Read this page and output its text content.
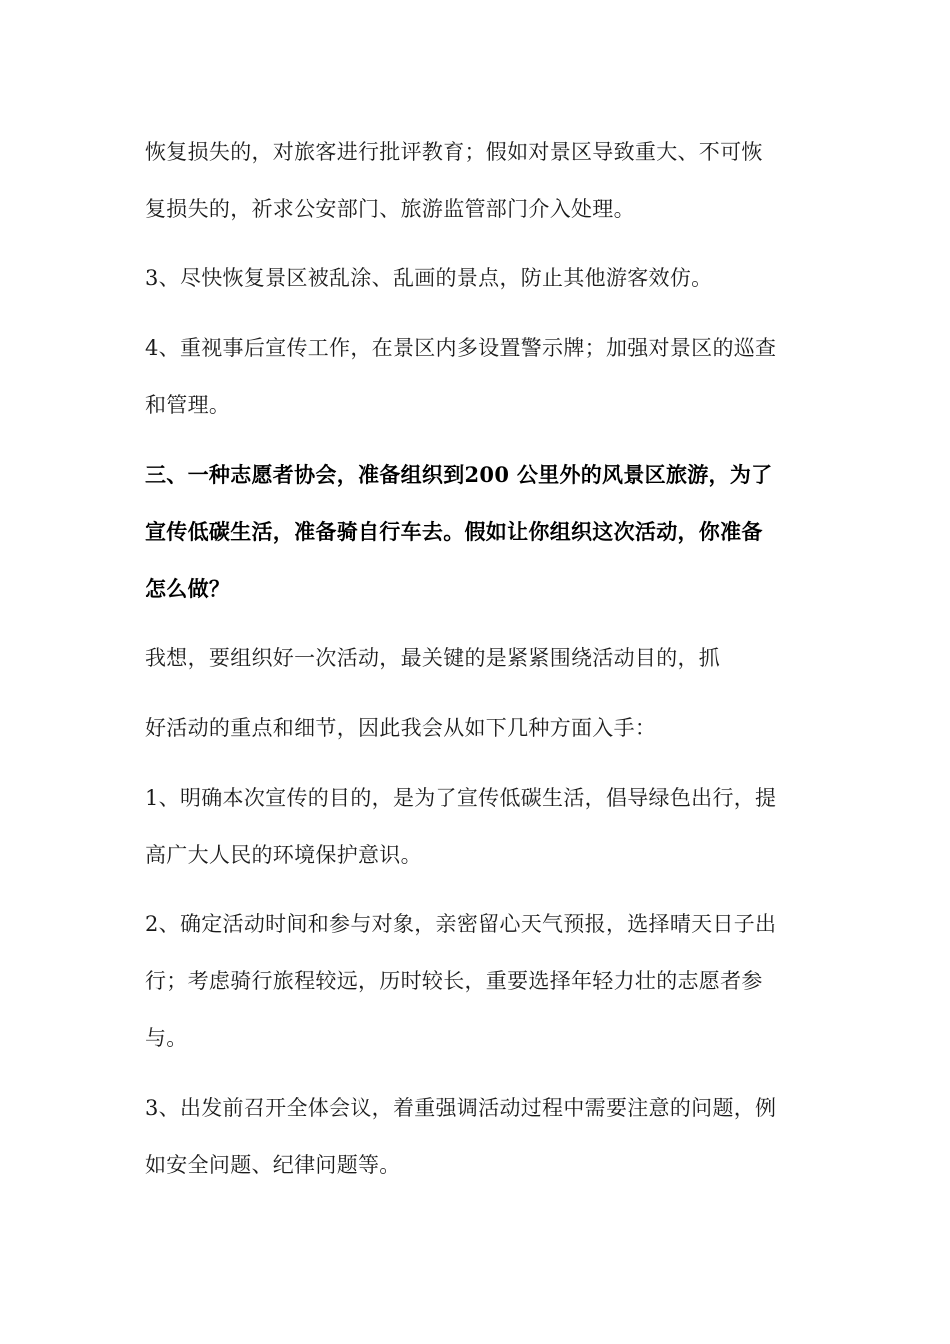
恢复损失的，对旅客进行批评教育；假如对景区导致重大、不可恢
复损失的，祈求公安部门、旅游监管部门介入处理。
3、尽快恢复景区被乱涂、乱画的景点，防止其他游客效仿。
4、重视事后宣传工作，在景区内多设置警示牌；加强对景区的巡查
和管理。
三、一种志愿者协会，准备组织到200 公里外的风景区旅游，为了
宣传低碳生活，准备骑自行车去。假如让你组织这次活动，你准备
怎么做？
我想，要组织好一次活动，最关键的是紧紧围绕活动目的，抓
好活动的重点和细节，因此我会从如下几种方面入手：
1、明确本次宣传的目的，是为了宣传低碳生活，倡导绿色出行，提
高广大人民的环境保护意识。
2、确定活动时间和参与对象，亲密留心天气预报，选择晴天日子出
行；考虑骑行旅程较远，历时较长，重要选择年轻力壮的志愿者参
与。
3、出发前召开全体会议，着重强调活动过程中需要注意的问题，例
如安全问题、纪律问题等。
